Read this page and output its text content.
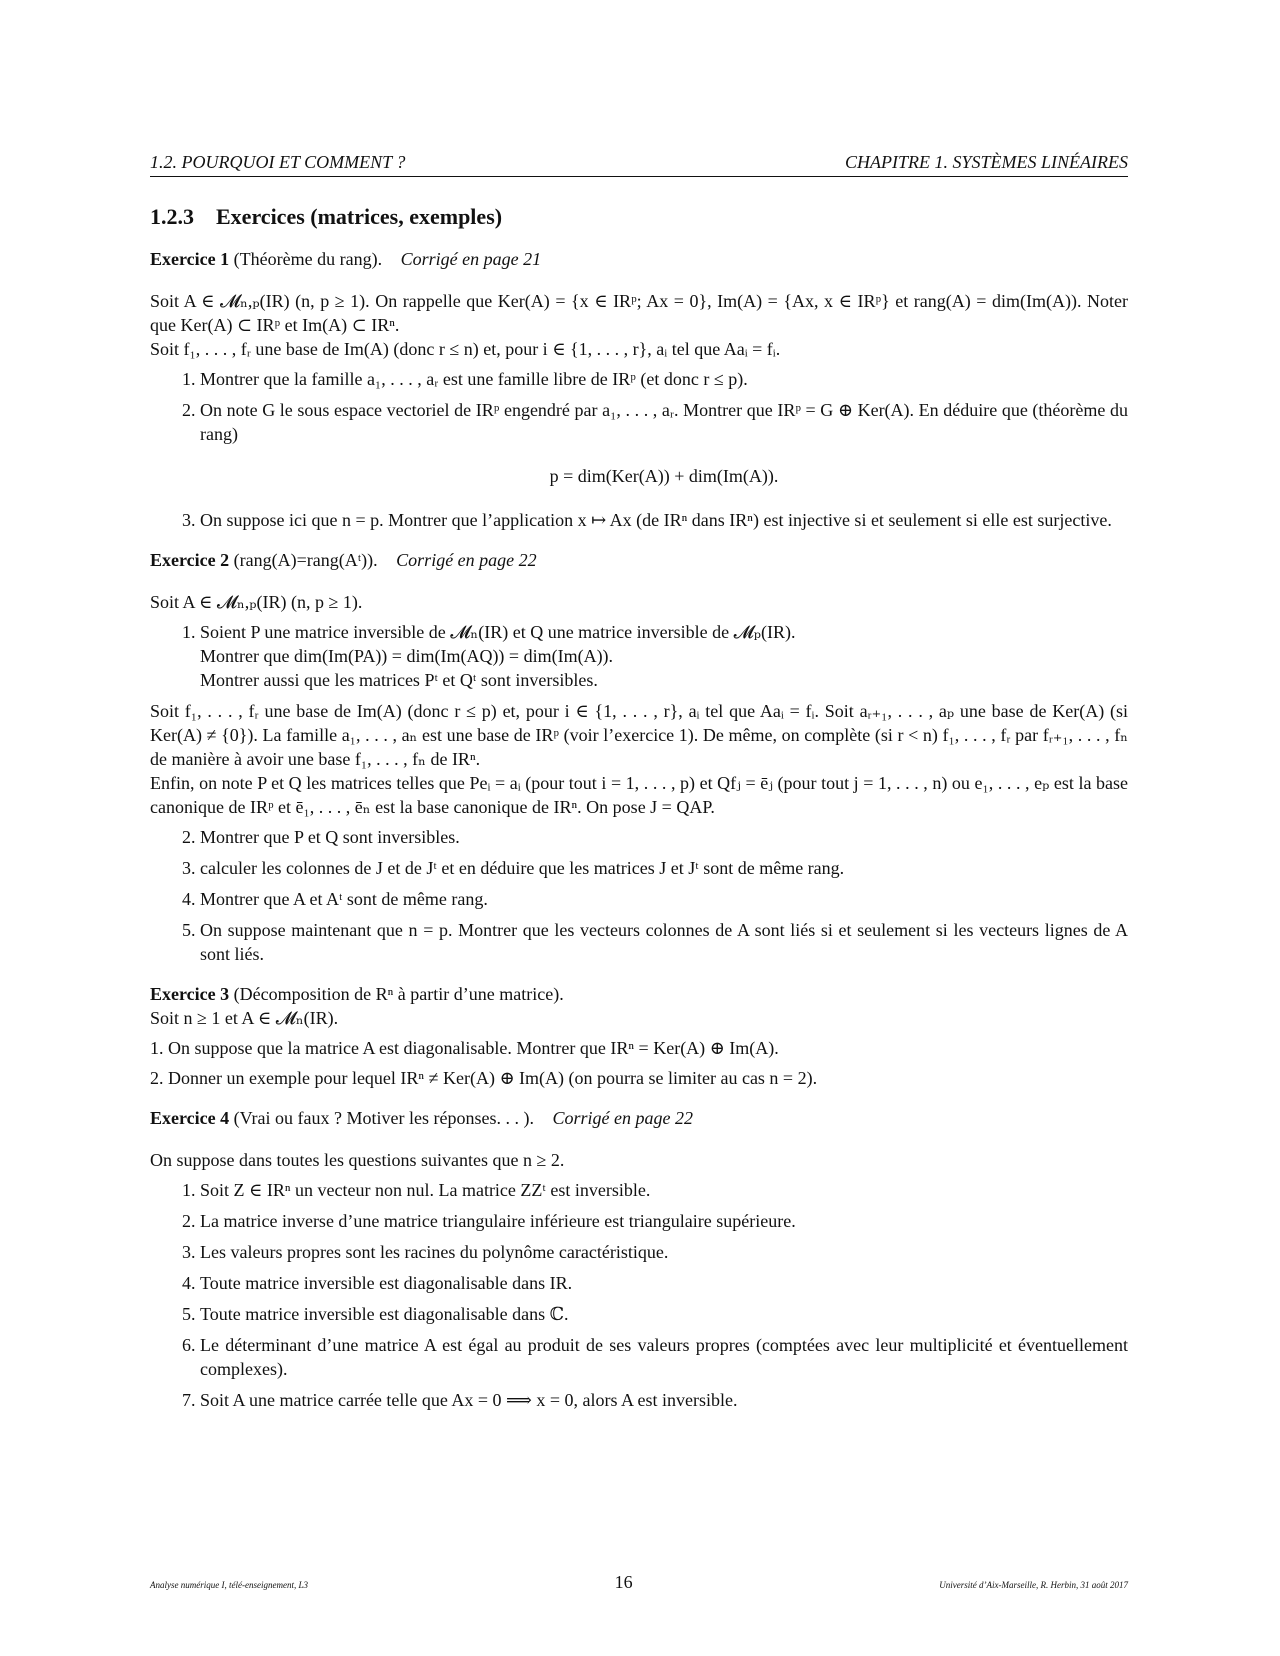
1.2. POURQUOI ET COMMENT ?	CHAPITRE 1. SYSTÈMES LINÉAIRES
1.2.3 Exercices (matrices, exemples)
Exercice 1 (Théorème du rang). Corrigé en page 21

Soit A ∈ 𝓜ₙ,ₚ(IR) (n, p ≥ 1). On rappelle que Ker(A) = {x ∈ IRᵖ; Ax = 0}, Im(A) = {Ax, x ∈ IRᵖ} et rang(A) = dim(Im(A)). Noter que Ker(A) ⊂ IRᵖ et Im(A) ⊂ IRⁿ.

Soit f₁, . . . , fᵣ une base de Im(A) (donc r ≤ n) et, pour i ∈ {1, . . . , r}, aᵢ tel que Aaᵢ = fᵢ.

1. Montrer que la famille a₁, . . . , aᵣ est une famille libre de IRᵖ (et donc r ≤ p).
2. On note G le sous espace vectoriel de IRᵖ engendré par a₁, . . . , aᵣ. Montrer que IRᵖ = G ⊕ Ker(A). En déduire que (théorème du rang)
p = dim(Ker(A)) + dim(Im(A)).
3. On suppose ici que n = p. Montrer que l’application x ↦ Ax (de IRⁿ dans IRⁿ) est injective si et seulement si elle est surjective.
Exercice 2 (rang(A)=rang(Aᵗ)). Corrigé en page 22

Soit A ∈ 𝓜ₙ,ₚ(IR) (n, p ≥ 1).

1. Soient P une matrice inversible de 𝓜ₙ(IR) et Q une matrice inversible de 𝓜ₚ(IR).
Montrer que dim(Im(PA)) = dim(Im(AQ)) = dim(Im(A)).
Montrer aussi que les matrices Pᵗ et Qᵗ sont inversibles.

Soit f₁, . . . , fᵣ une base de Im(A) (donc r ≤ p) et, pour i ∈ {1, . . . , r}, aᵢ tel que Aaᵢ = fᵢ. Soit aᵣ₊₁, . . . , aₚ une base de Ker(A) (si Ker(A) ≠ {0}). La famille a₁, . . . , aₙ est une base de IRᵖ (voir l’exercice 1). De même, on complète (si r < n) f₁, . . . , fᵣ par fᵣ₊₁, . . . , fₙ de manière à avoir une base f₁, . . . , fₙ de IRⁿ.

Enfin, on note P et Q les matrices telles que Peᵢ = aᵢ (pour tout i = 1, . . . , p) et Qfⱼ = ēⱼ (pour tout j = 1, . . . , n) ou e₁, . . . , eₚ est la base canonique de IRᵖ et ē₁, . . . , ēₙ est la base canonique de IRⁿ. On pose J = QAP.

2. Montrer que P et Q sont inversibles.
3. calculer les colonnes de J et de Jᵗ et en déduire que les matrices J et Jᵗ sont de même rang.
4. Montrer que A et Aᵗ sont de même rang.
5. On suppose maintenant que n = p. Montrer que les vecteurs colonnes de A sont liés si et seulement si les vecteurs lignes de A sont liés.
Exercice 3 (Décomposition de Rⁿ à partir d’une matrice).

Soit n ≥ 1 et A ∈ 𝓜ₙ(IR).

1. On suppose que la matrice A est diagonalisable. Montrer que IRⁿ = Ker(A) ⊕ Im(A).

2. Donner un exemple pour lequel IRⁿ ≠ Ker(A) ⊕ Im(A) (on pourra se limiter au cas n = 2).

Exercice 4 (Vrai ou faux ? Motiver les réponses. . . ). Corrigé en page 22

On suppose dans toutes les questions suivantes que n ≥ 2.

1. Soit Z ∈ IRⁿ un vecteur non nul. La matrice ZZᵗ est inversible.
2. La matrice inverse d’une matrice triangulaire inférieure est triangulaire supérieure.
3. Les valeurs propres sont les racines du polynôme caractéristique.
4. Toute matrice inversible est diagonalisable dans IR.
5. Toute matrice inversible est diagonalisable dans ℂ.
6. Le déterminant d’une matrice A est égal au produit de ses valeurs propres (comptées avec leur multiplicité et éventuellement complexes).
7. Soit A une matrice carrée telle que Ax = 0 ⟹ x = 0, alors A est inversible.
Analyse numérique I, télé-enseignement, L3	16	Université d’Aix-Marseille, R. Herbin, 31 août 2017
